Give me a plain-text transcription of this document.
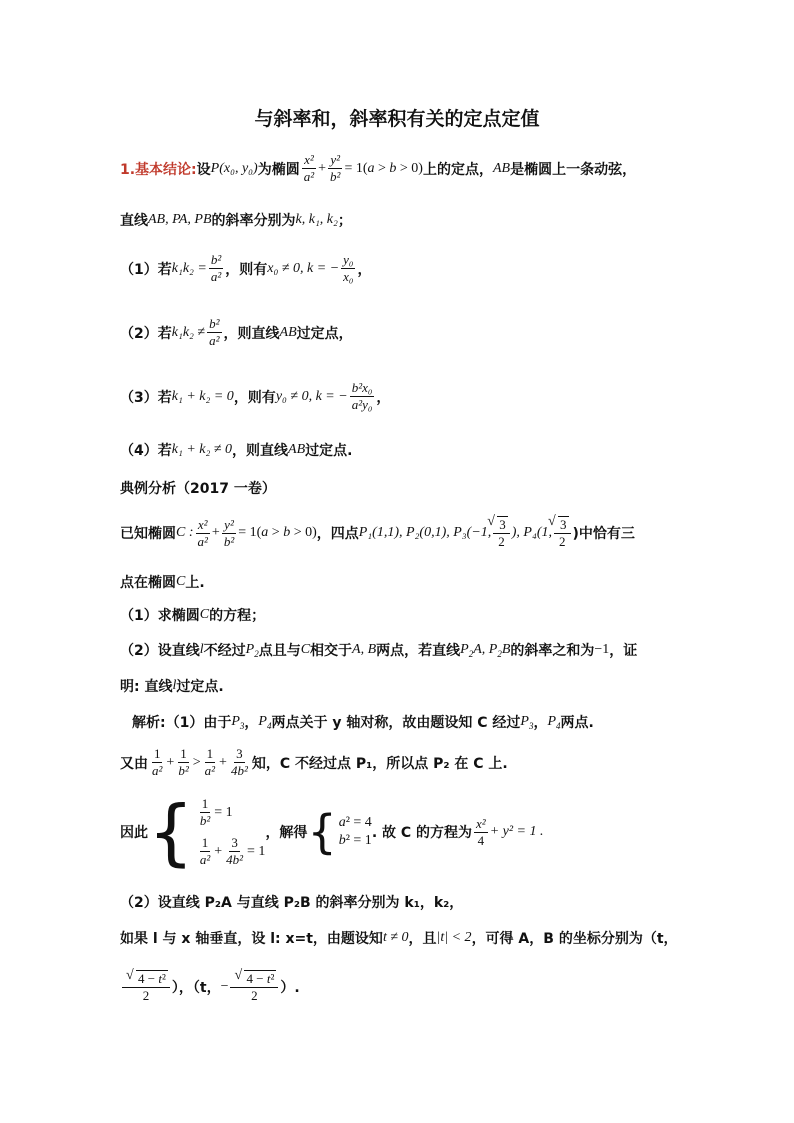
与斜率和，斜率积有关的定点定值
1.基本结论: 设 P(x₀, y₀) 为椭圆 $\frac{\text{x²}}{\text{a²}} + \frac{\text{y²}}{\text{b²}} = 1(a > b > 0)$ 上的定点， AB 是椭圆上一条动弦，
直线 AB, PA, PB 的斜率分别为 k, k₁, k₂ ；
（1）若 $k_1k_2 = \frac{\text{b²}}{\text{a²}}$ ，则有 x₀ ≠ 0, k = − $\frac{\text{y₀}}{\text{x₀}}$ ，
（2）若 $k_1k_2 \ne \frac{\text{b²}}{\text{a²}}$ ，则直线 AB 过定点，
（3）若 k₁ + k₂ = 0 ，则有 y₀ ≠ 0, k = − $\frac{\text{b²x₀}}{\text{a²y₀}}$ ，
（4）若 k₁ + k₂ ≠ 0 ，则直线 AB 过定点.
典例分析（2017 一卷）
已知椭圆 C : $\frac{\text{x²}}{\text{a²}} + \frac{\text{y²}}{\text{b²}} = 1(a > b > 0)$ ，四点 P₁(1,1), P₂(0,1), P₃(−1, √ $\frac{3}{2}$ ), P₄(1, √ $\frac{3}{2}$ )中恰有三
点在椭圆 C 上.
（1）求椭圆 C 的方程；
（2）设直线 l 不经过 $P_2$ 点且与 C 相交于 A, B 两点，若直线 $P_2A$, $P_2B$ 的斜率之和为 −1 ，证
明: 直线 l 过定点.
解析:（1）由于 $P_3$ ， $P_4$ 两点关于 y 轴对称，故由题设知 C 经过 $P_3$ ， $P_4$ 两点.
又由 $\frac{1}{\text{a²}} + \frac{1}{\text{b²}} > \frac{1}{\text{a²}} + \frac{3}{\text{4b²}}$ 知，C 不经过点 P₁，所以点 P₂ 在 C 上.
因此 { $\frac{1}{\text{b²}} = 1$
$\frac{1}{\text{a²}} + \frac{3}{\text{4b²}} = 1$
，解得 { a² = 4
b² = 1 . 故 C 的方程为 $\frac{\text{x²}}{4} + y^2 = 1$ .
（2）设直线 P₂A 与直线 P₂B 的斜率分别为 k₁，k₂，
如果 l 与 x 轴垂直，设 l: x=t，由题设知 t ≠ 0 ，且 |t| < 2 ，可得 A，B 的坐标分别为（t，
√ $\frac{\text{4 − t²}}{2}$ ），（t， − √ $\frac{\text{4 − t²}}{2}$ ）.
